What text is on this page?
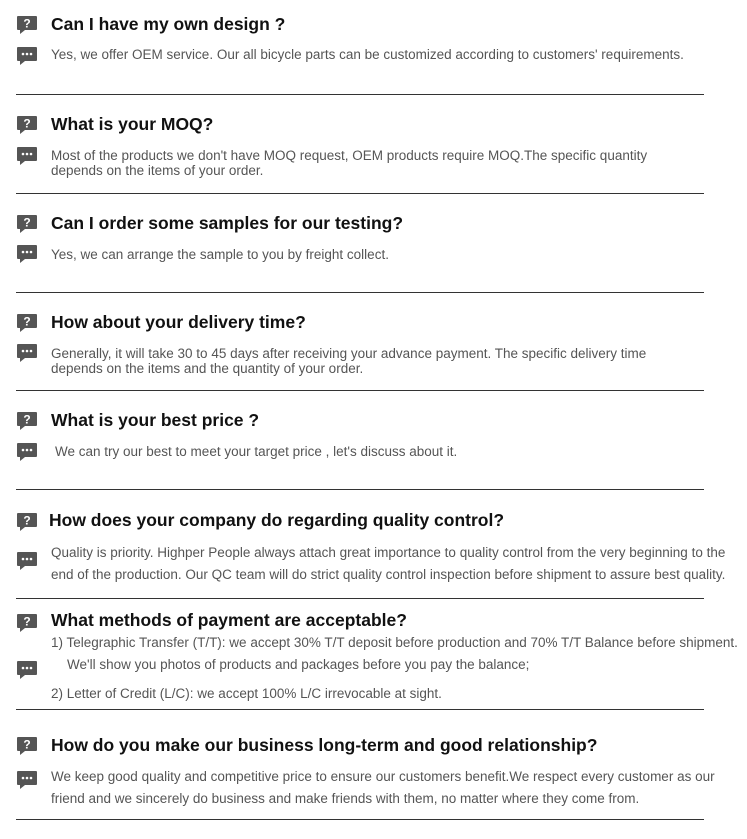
Can I have my own design ?
Yes, we offer OEM service. Our all bicycle parts can be customized according to customers' requirements.
What is your MOQ?
Most of the products we don't have MOQ request, OEM products require MOQ.The specific quantity depends on the items of your order.
Can I order some samples for our testing?
Yes, we can arrange the sample to you by freight collect.
How about your delivery time?
Generally, it will take 30 to 45 days after receiving your advance payment. The specific delivery time depends on the items and the quantity of your order.
What is your best price ?
We can try our best to meet your target price , let's discuss about it.
How does your company do regarding quality control?
Quality is priority. Highper People always attach great importance to quality control from the very beginning to the end of the production. Our QC team will do strict quality control inspection before shipment to assure best quality.
What methods of payment are acceptable?
1) Telegraphic Transfer (T/T): we accept 30% T/T deposit before production and 70% T/T Balance before shipment.
We'll show you photos of products and packages before you pay the balance;
2) Letter of Credit (L/C): we accept 100% L/C irrevocable at sight.
How do you make our business long-term and good relationship?
We keep good quality and competitive price to ensure our customers benefit.We respect every customer as our friend and we sincerely do business and make friends with them, no matter where they come from.
